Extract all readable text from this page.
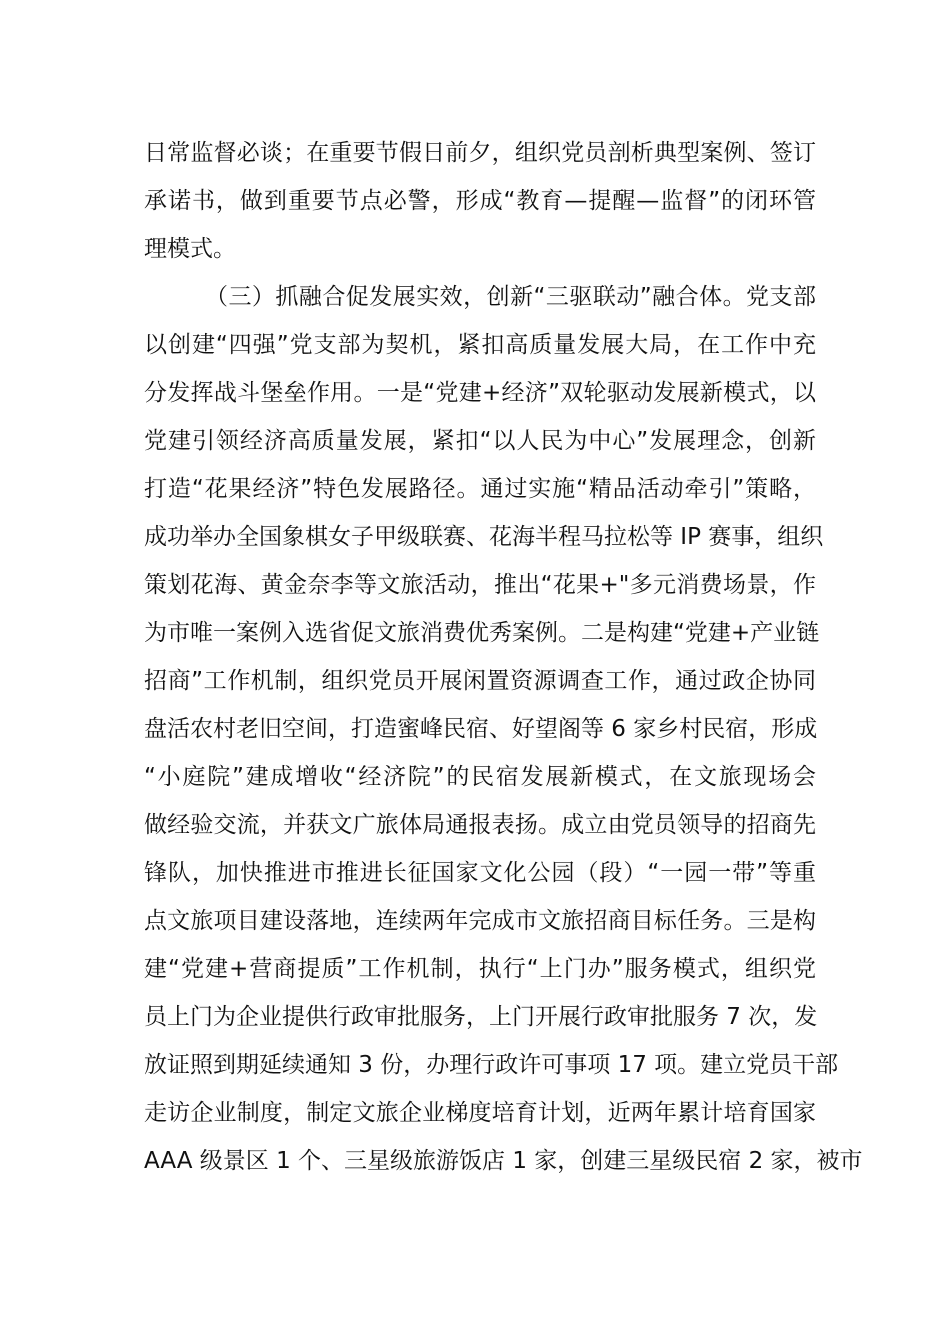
日常监督必谈；在重要节假日前夕，组织党员剖析典型案例、签订
承诺书，做到重要节点必警，形成“教育—提醒—监督”的闭环管
理模式。
（三）抓融合促发展实效，创新“三驱联动”融合体。党支部
以创建“四强”党支部为契机，紧扣高质量发展大局，在工作中充
分发挥战斗堡垒作用。一是“党建+经济”双轮驱动发展新模式，以
党建引领经济高质量发展，紧扣“以人民为中心”发展理念，创新
打造“花果经济”特色发展路径。通过实施“精品活动牵引”策略，
成功举办全国象棋女子甲级联赛、花海半程马拉松等 IP 赛事，组织
策划花海、黄金奈李等文旅活动，推出“花果+"多元消费场景，作
为市唯一案例入选省促文旅消费优秀案例。二是构建“党建+产业链
招商”工作机制，组织党员开展闲置资源调查工作，通过政企协同
盘活农村老旧空间，打造蜜峰民宿、好望阁等 6 家乡村民宿，形成
“小庭院”建成增收“经济院”的民宿发展新模式，在文旅现场会
做经验交流，并获文广旅体局通报表扬。成立由党员领导的招商先
锋队，加快推进市推进长征国家文化公园（段）“一园一带”等重
点文旅项目建设落地，连续两年完成市文旅招商目标任务。三是构
建“党建+营商提质”工作机制，执行“上门办”服务模式，组织党
员上门为企业提供行政审批服务，上门开展行政审批服务 7 次，发
放证照到期延续通知 3 份，办理行政许可事项 17 项。建立党员干部
走访企业制度，制定文旅企业梯度培育计划，近两年累计培育国家
AAA 级景区 1 个、三星级旅游饭店 1 家，创建三星级民宿 2 家，被市
